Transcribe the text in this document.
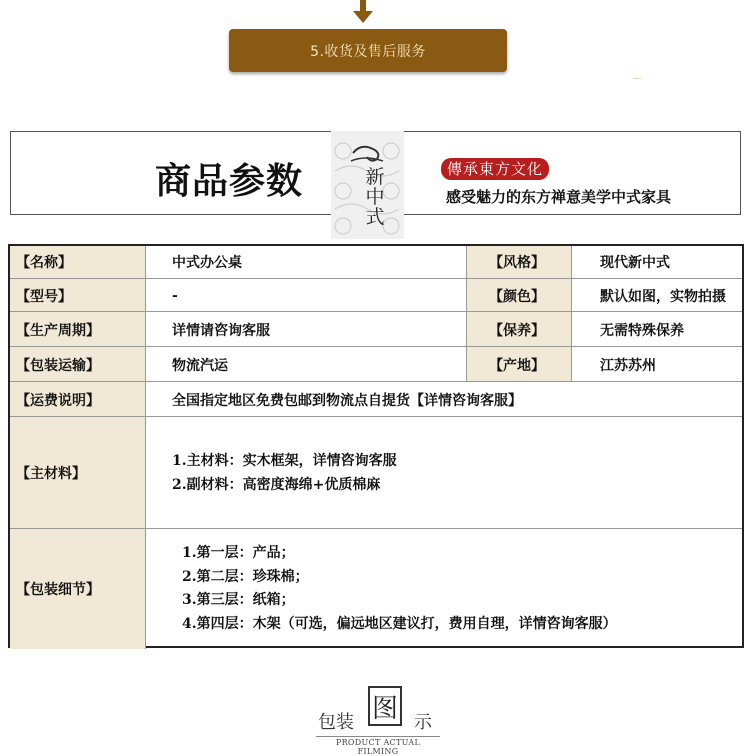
5.收货及售后服务
商品参数	新中式
傳承東方文化
感受魅力的东方禅意美学中式家具
【名称】	中式办公桌	【风格】	现代新中式
【型号】	-	【颜色】	默认如图，实物拍摄
【生产周期】	详情请咨询客服	【保养】	无需特殊保养
【包装运输】	物流汽运	【产地】	江苏苏州
【运费说明】	全国指定地区免费包邮到物流点自提货【详情咨询客服】
【主材料】
1.主材料：实木框架，详情咨询客服
2.副材料：高密度海绵+优质棉麻
【包装细节】
1.第一层：产品；
2.第二层：珍珠棉；
3.第三层：纸箱；
4.第四层：木架（可选，偏远地区建议打，费用自理，详情咨询客服）
包装 图 示
PRODUCT ACTUAL FILMING
